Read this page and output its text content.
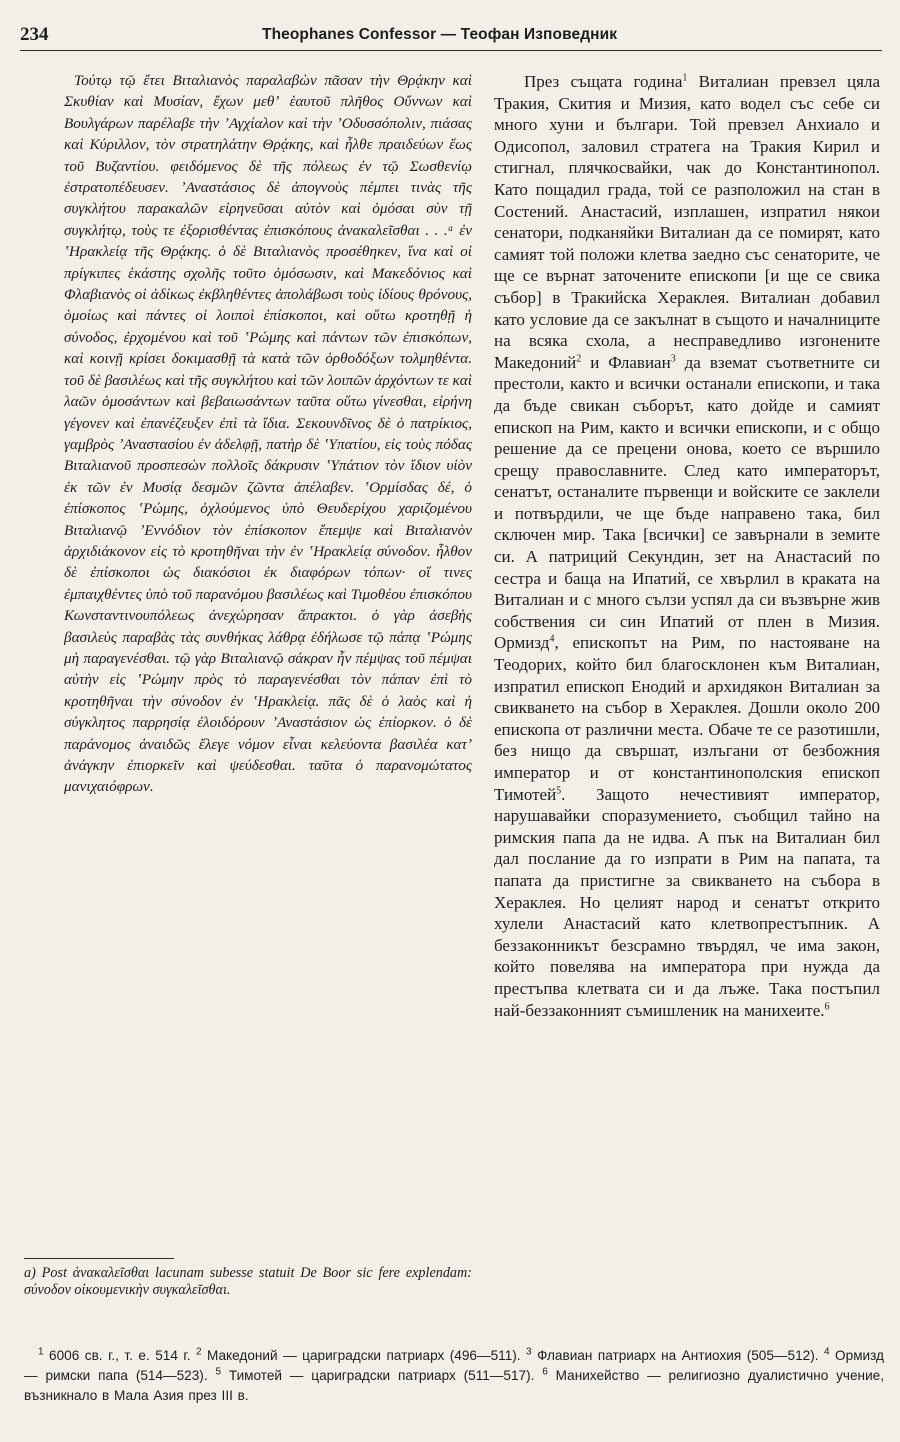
234	Theophanes Confessor — Теофан Изповедник

Τούτῳ τῷ ἔτει Βιταλιανὸς παραλαβὼν πᾶσαν τὴν Θρᾴκην καὶ Σκυθίαν καὶ Μυσίαν, ἔχων μεθʼ ἑαυτοῦ πλῆθος Οὔννων καὶ Βουλγάρων παρέλαβε τὴν ʼΑγχίαλον καὶ τὴν ʼΟδυσσόπολιν, πιάσας καὶ Κύριλλον, τὸν στρατηλάτην Θρᾴκης, καὶ ἦλθε πραιδεύων ἕως τοῦ Βυζαντίου. φειδόμενος δὲ τῆς πόλεως ἐν τῷ Σωσθενίῳ ἐστρατοπέδευσεν. ʼΑναστάσιος δὲ ἀπογνοὺς πέμπει τινὰς τῆς συγκλήτου παρακαλῶν εἰρηνεῦσαι αὐτὸν καὶ ὀμόσαι σὺν τῇ συγκλήτῳ, τοὺς τε ἐξορισθέντας ἐπισκόπους ἀνακαλεῖσθαι . . .ᵃ ἐν ʽΗρακλείᾳ τῆς Θρᾴκης. ὁ δὲ Βιταλιανὸς προσέθηκεν, ἵνα καὶ οἱ πρίγκιπες ἑκάστης σχολῆς τοῦτο ὀμόσωσιν, καὶ Μακεδόνιος καὶ Φλαβιανὸς οἱ ἀδίκως ἐκβληθέντες ἀπολάβωσι τοὺς ἰδίους θρόνους, ὁμοίως καὶ πάντες οἱ λοιποὶ ἐπίσκοποι, καὶ οὕτω κροτηθῇ ἡ σύνοδος, ἐρχομένου καὶ τοῦ ʽΡώμης καὶ πάντων τῶν ἐπισκόπων, καὶ κοινῇ κρίσει δοκιμασθῇ τὰ κατὰ τῶν ὀρθοδόξων τολμηθέντα. τοῦ δὲ βασιλέως καὶ τῆς συγκλήτου καὶ τῶν λοιπῶν ἀρχόντων τε καὶ λαῶν ὀμοσάντων καὶ βεβαιωσάντων ταῦτα οὕτω γίνεσθαι, εἰρήνη γέγονεν καὶ ἐπανέζευξεν ἐπὶ τὰ ἴδια. Σεκουνδῖνος δὲ ὁ πατρίκιος, γαμβρὸς ʼΑναστασίου ἐν ἀδελφῇ, πατὴρ δὲ ʽΥπατίου, εἰς τοὺς πόδας Βιταλιανοῦ προσπεσὼν πολλοῖς δάκρυσιν ʽΥπάτιον τὸν ἴδιον υἱὸν ἐκ τῶν ἐν Μυσίᾳ δεσμῶν ζῶντα ἀπέλαβεν. ʽΟρμίσδας δέ, ὁ ἐπίσκοπος ʽΡώμης, ὀχλούμενος ὑπὸ Θευδερίχου χαριζομένου Βιταλιανῷ ʼΕννόδιον τὸν ἐπίσκοπον ἔπεμψε καὶ Βιταλιανὸν ἀρχιδιάκονον εἰς τὸ κροτηθῆναι τὴν ἐν ʽΗρακλείᾳ σύνοδον. ἦλθον δὲ ἐπίσκοποι ὡς διακόσιοι ἐκ διαφόρων τόπων· οἵ τινες ἐμπαιχθέντες ὑπὸ τοῦ παρανόμου βασιλέως καὶ Τιμοθέου ἐπισκόπου Κωνσταντινουπόλεως ἀνεχώρησαν ἄπρακτοι. ὁ γὰρ ἀσεβὴς βασιλεὺς παραβὰς τὰς συνθήκας λάθρᾳ ἐδήλωσε τῷ πάπᾳ ʽΡώμης μὴ παραγενέσθαι. τῷ γὰρ Βιταλιανῷ σάκραν ἦν πέμψας τοῦ πέμψαι αὐτὴν εἰς ʽΡώμην πρὸς τὸ παραγενέσθαι τὸν πάπαν ἐπὶ τὸ κροτηθῆναι τὴν σύνοδον ἐν ʽΗρακλείᾳ. πᾶς δὲ ὁ λαὸς καὶ ἡ σύγκλητος παρρησίᾳ ἐλοιδόρουν ʼΑναστάσιον ὡς ἐπίορκον. ὁ δὲ παράνομος ἀναιδῶς ἔλεγε νόμον εἶναι κελεύοντα βασιλέα κατʼ ἀνάγκην ἐπιορκεῖν καὶ ψεύδεσθαι. ταῦτα ὁ παρανομώτατος μανιχαιόφρων.

През същата година$^1$ Виталиан превзел цяла Тракия, Скития и Мизия, като водел със себе си много хуни и българи. Той превзел Анхиало и Одисопол, заловил стратега на Тракия Кирил и стигнал, плячкосвайки, чак до Константинопол. Като пощадил града, той се разположил на стан в Состений. Анастасий, изплашен, изпратил някои сенатори, подканяйки Виталиан да се помирят, като самият той положи клетва заедно със сенаторите, че ще се върнат заточените епископи [и ще се свика събор] в Тракийска Хераклея. Виталиан добавил като условие да се закълнат в същото и началниците на всяка схола, а несправедливо изгонените Македоний$^2$ и Флавиан$^3$ да вземат съответните си престоли, както и всички останали епископи, и така да бъде свикан съборът, като дойде и самият епископ на Рим, както и всички епископи, и с общо решение да се прецени онова, което се вършило срещу православните. След като императорът, сенатът, останалите първенци и войските се заклели и потвърдили, че ще бъде направено така, бил сключен мир. Така [всички] се завърнали в земите си. А патриций Секундин, зет на Анастасий по сестра и баща на Ипатий, се хвърлил в краката на Виталиан и с много сълзи успял да си възвърне жив собствения си син Ипатий от плен в Мизия. Ормизд$^4$, епископът на Рим, по настояване на Теодорих, който бил благосклонен към Виталиан, изпратил епископ Енодий и архидякон Виталиан за свикването на събор в Хераклея. Дошли около 200 епископа от различни места. Обаче те се разотишли, без нищо да свършат, излъгани от безбожния император и от константинополския епископ Тимотей$^5$. Защото нечестивият император, нарушавайки споразумението, съобщил тайно на римския папа да не идва. А пък на Виталиан бил дал послание да го изпрати в Рим на папата, та папата да пристигне за свикването на събора в Хераклея. Но целият народ и сенатът открито хулели Анастасий като клетвопрестъпник. А беззаконникът безсрамно твърдял, че има закон, който повелява на императора при нужда да престъпва клетвата си и да лъже. Така постъпил най-беззаконният съмишленик на манихеите.$^6$

a) Post ἀνακαλεῖσθαι lacunam subesse statuit De Boor sic fere explendam: σύνοδον οἰκουμενικὴν συγκαλεῖσθαι.

$^1$ 6006 св. г., т. е. 514 г. $^2$ Македоний — цариградски патриарх (496—511). $^3$ Флавиан патриарх на Антиохия (505—512). $^4$ Ормизд — римски папа (514—523). $^5$ Тимотей — цариградски патриарх (511—517). $^6$ Манихейство — религиозно дуалистично учение, възникнало в Мала Азия през III в.
